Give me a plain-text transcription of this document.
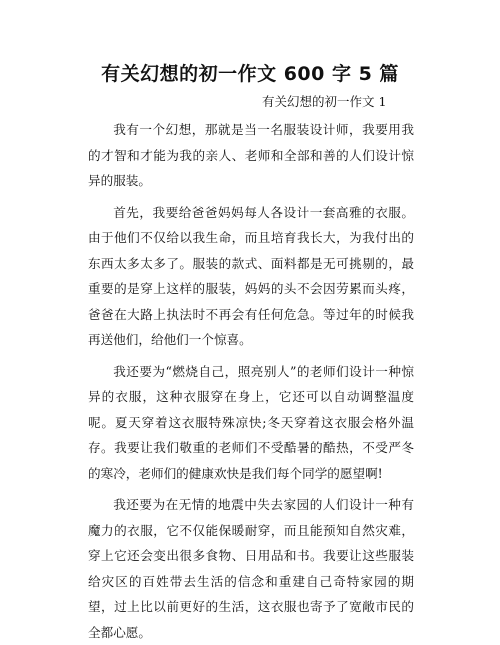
有关幻想的初一作文 600 字 5 篇
有关幻想的初一作文 1

我有一个幻想，那就是当一名服装设计师，我要用我的才智和才能为我的亲人、老师和全部和善的人们设计惊异的服装。

首先，我要给爸爸妈妈每人各设计一套高雅的衣服。由于他们不仅给以我生命，而且培育我长大，为我付出的东西太多太多了。服装的款式、面料都是无可挑剔的，最重要的是穿上这样的服装，妈妈的头不会因劳累而头疼，爸爸在大路上执法时不再会有任何危急。等过年的时候我再送他们，给他们一个惊喜。

我还要为“燃烧自己，照亮别人”的老师们设计一种惊异的衣服，这种衣服穿在身上，它还可以自动调整温度呢。夏天穿着这衣服特殊凉快;冬天穿着这衣服会格外温存。我要让我们敬重的老师们不受酷暑的酷热，不受严冬的寒冷，老师们的健康欢快是我们每个同学的愿望啊!

我还要为在无情的地震中失去家园的人们设计一种有魔力的衣服，它不仅能保暖耐穿，而且能预知自然灾难，穿上它还会变出很多食物、日用品和书。我要让这些服装给灾区的百姓带去生活的信念和重建自己奇特家园的期望，过上比以前更好的生活，这衣服也寄予了宽敞市民的全都心愿。
